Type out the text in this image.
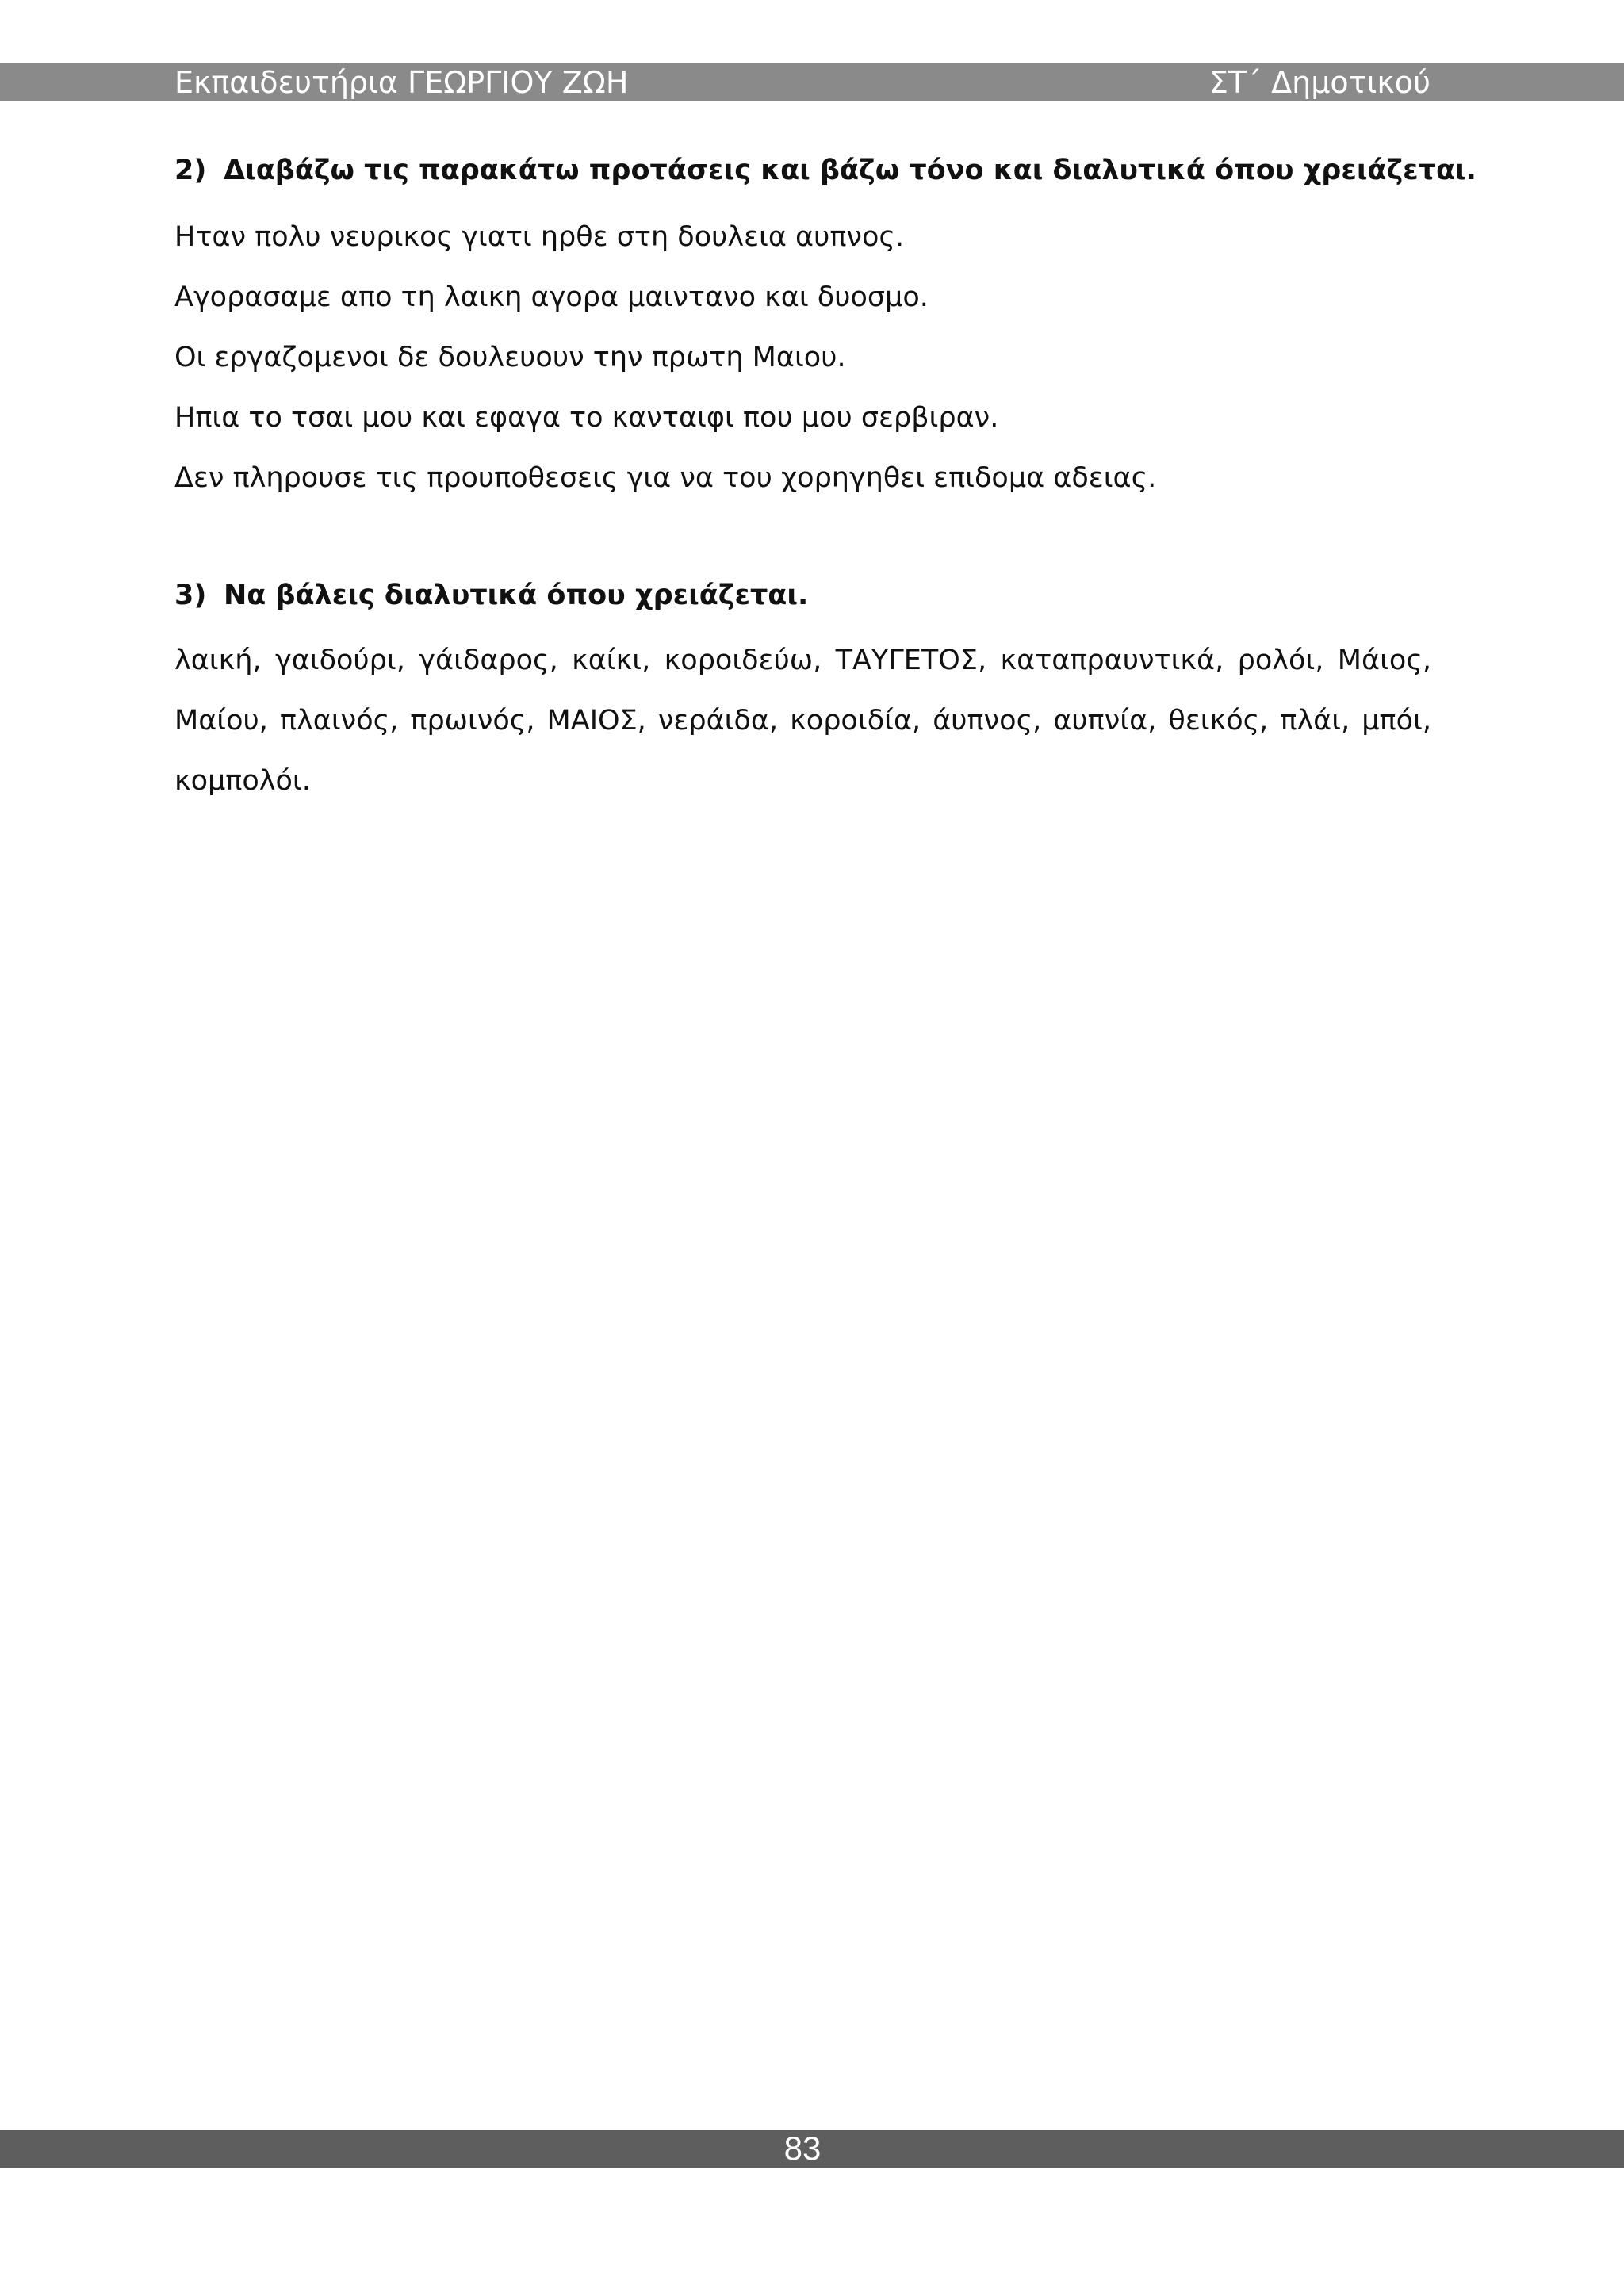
Εκπαιδευτήρια ΓΕΩΡΓΙΟΥ ΖΩΗ	ΣΤ΄ Δημοτικού

2) Διαβάζω τις παρακάτω προτάσεις και βάζω τόνο και διαλυτικά όπου χρειάζεται.

Ηταν πολυ νευρικος γιατι ηρθε στη δουλεια αυπνος.

Αγορασαμε απο τη λαικη αγορα μαιντανο και δυοσμο.

Οι εργαζομενοι δε δουλευουν την πρωτη Μαιου.

Ηπια το τσαι μου και εφαγα το κανταιφι που μου σερβιραν.

Δεν πληρουσε τις προυποθεσεις για να του χορηγηθει επιδομα αδειας.

3) Να βάλεις διαλυτικά όπου χρειάζεται.

λαική, γαιδούρι, γάιδαρος, καίκι, κοροιδεύω, ΤΑΥΓΕΤΟΣ, καταπραυντικά, ρολόι, Μάιος, Μαίου, πλαινός, πρωινός, ΜΑΙΟΣ, νεράιδα, κοροιδία, άυπνος, αυπνία, θεικός, πλάι, μπόι, κομπολόι.

83
